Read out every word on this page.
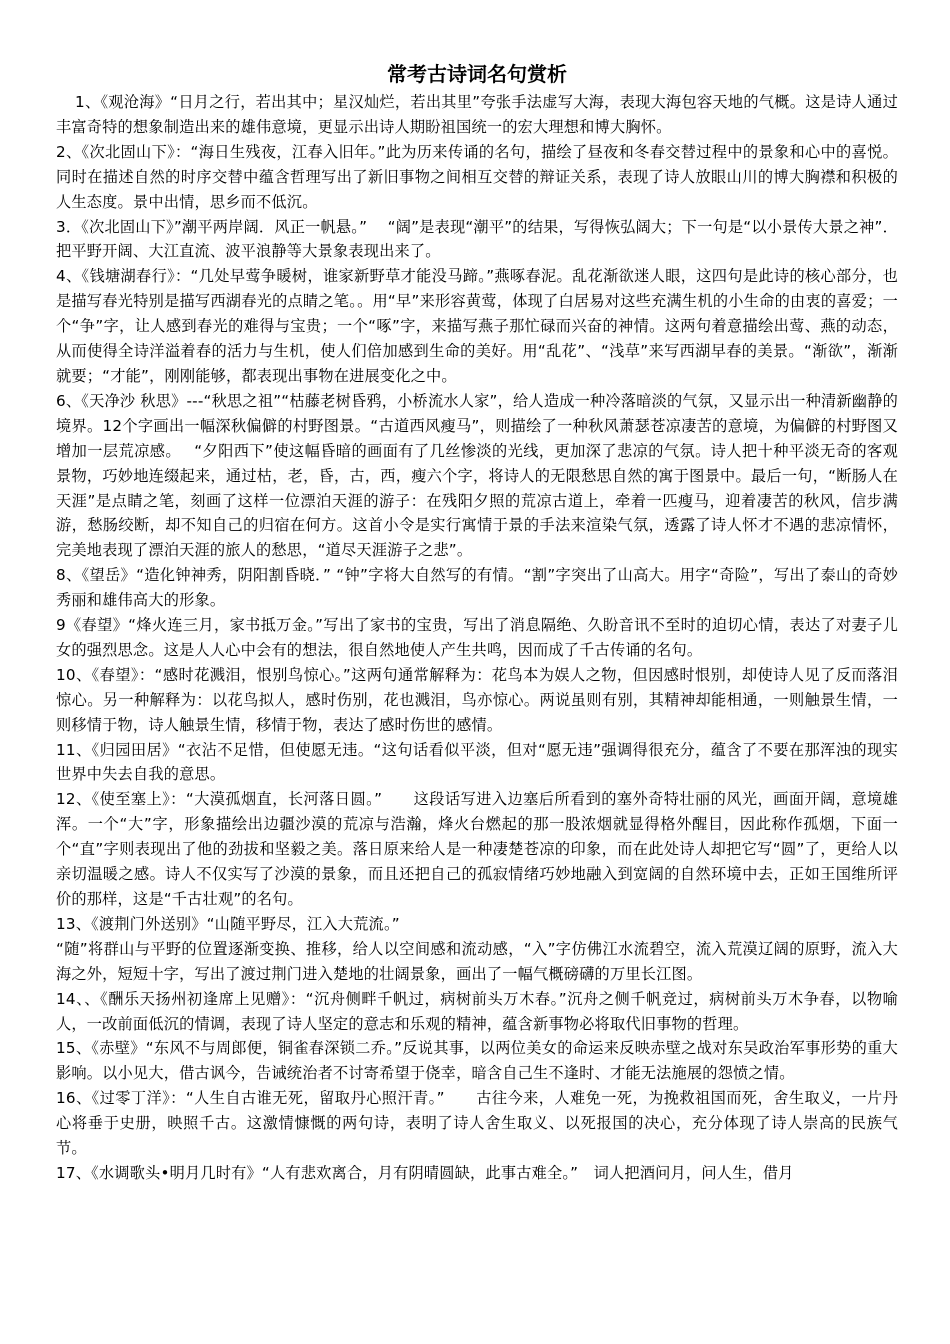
常考古诗词名句赏析

1、《观沧海》“日月之行，若出其中；星汉灿烂，若出其里”夸张手法虚写大海，表现大海包容天地的气概。这是诗人通过丰富奇特的想象制造出来的雄伟意境，更显示出诗人期盼祖国统一的宏大理想和博大胸怀。

2、《次北固山下》：“海日生残夜，江春入旧年。”此为历来传诵的名句，描绘了昼夜和冬春交替过程中的景象和心中的喜悦。同时在描述自然的时序交替中蕴含哲理写出了新旧事物之间相互交替的辩证关系，表现了诗人放眼山川的博大胸襟和积极的人生态度。景中出情，思乡而不低沉。

3．《次北固山下》”潮平两岸阔．风正一帆悬。”　 “阔”是表现“潮平”的结果，写得恢弘阔大；下一句是“以小景传大景之神”．把平野开阔、大江直流、波平浪静等大景象表现出来了。

4、《钱塘湖春行》：“几处早莺争暖树，谁家新野草才能没马蹄。”燕啄春泥。乱花渐欲迷人眼，这四句是此诗的核心部分，也是描写春光特别是描写西湖春光的点睛之笔。。用“早”来形容黄莺，体现了白居易对这些充满生机的小生命的由衷的喜爱；一个“争”字，让人感到春光的难得与宝贵；一个“啄”字，来描写燕子那忙碌而兴奋的神情。这两句着意描绘出莺、燕的动态，从而使得全诗洋溢着春的活力与生机，使人们倍加感到生命的美好。用“乱花”、“浅草”来写西湖早春的美景。“渐欲”，渐渐就要；“才能”，刚刚能够，都表现出事物在进展变化之中。

6、《天净沙 秋思》---“秋思之祖”“枯藤老树昏鸦，小桥流水人家”，给人造成一种冷落暗淡的气氛，又显示出一种清新幽静的境界。12个字画出一幅深秋偏僻的村野图景。“古道西风瘦马”，则描绘了一种秋风萧瑟苍凉凄苦的意境，为偏僻的村野图又增加一层荒凉感。　 “夕阳西下”使这幅昏暗的画面有了几丝惨淡的光线，更加深了悲凉的气氛。诗人把十种平淡无奇的客观景物，巧妙地连缀起来，通过枯，老，昏，古，西，瘦六个字，将诗人的无限愁思自然的寓于图景中。最后一句，“断肠人在天涯”是点睛之笔，刻画了这样一位漂泊天涯的游子：在残阳夕照的荒凉古道上，牵着一匹瘦马，迎着凄苦的秋风，信步满游，愁肠绞断，却不知自己的归宿在何方。这首小令是实行寓情于景的手法来渲染气氛，透露了诗人怀才不遇的悲凉情怀，完美地表现了漂泊天涯的旅人的愁思，“道尽天涯游子之悲”。

8、《望岳》“造化钟神秀，阴阳割昏晓．” “钟”字将大自然写的有情。“割”字突出了山高大。用字“奇险”，写出了泰山的奇妙秀丽和雄伟高大的形象。

9《春望》“烽火连三月，家书抵万金。”写出了家书的宝贵，写出了消息隔绝、久盼音讯不至时的迫切心情，表达了对妻子儿女的强烈思念。这是人人心中会有的想法，很自然地使人产生共鸣，因而成了千古传诵的名句。

10、《春望》：“感时花溅泪，恨别鸟惊心。”这两句通常解释为：花鸟本为娱人之物，但因感时恨别，却使诗人见了反而落泪惊心。另一种解释为：以花鸟拟人，感时伤别，花也溅泪，鸟亦惊心。两说虽则有别，其精神却能相通，一则触景生情，一则移情于物，诗人触景生情，移情于物，表达了感时伤世的感情。

11、《归园田居》“衣沾不足惜，但使愿无违。“这句话看似平淡，但对“愿无违”强调得很充分，蕴含了不要在那浑浊的现实世界中失去自我的意思。

12、《使至塞上》：“大漠孤烟直，长河落日圆。”　　这段话写进入边塞后所看到的塞外奇特壮丽的风光，画面开阔，意境雄浑。一个“大”字，形象描绘出边疆沙漠的荒凉与浩瀚，烽火台燃起的那一股浓烟就显得格外醒目，因此称作孤烟，下面一个“直”字则表现出了他的劲拔和坚毅之美。落日原来给人是一种凄楚苍凉的印象，而在此处诗人却把它写“圆”了，更给人以亲切温暖之感。诗人不仅实写了沙漠的景象，而且还把自己的孤寂情绪巧妙地融入到宽阔的自然环境中去，正如王国维所评价的那样，这是“千古壮观”的名句。

13、《渡荆门外送别》“山随平野尽，江入大荒流。”

“随”将群山与平野的位置逐渐变换、推移，给人以空间感和流动感，“入”字仿佛江水流碧空，流入荒漠辽阔的原野，流入大海之外，短短十字，写出了渡过荆门进入楚地的壮阔景象，画出了一幅气概磅礴的万里长江图。

14、、《酬乐天扬州初逢席上见赠》：“沉舟侧畔千帆过，病树前头万木春。”沉舟之侧千帆竞过，病树前头万木争春，以物喻人，一改前面低沉的情调，表现了诗人坚定的意志和乐观的精神，蕴含新事物必将取代旧事物的哲理。

15、《赤壁》“东风不与周郎便，铜雀春深锁二乔。”反说其事，以两位美女的命运来反映赤壁之战对东吴政治军事形势的重大影响。以小见大，借古讽今，告诫统治者不讨寄希望于侥幸，暗含自己生不逢时、才能无法施展的怨愤之情。

16、《过零丁洋》：“人生自古谁无死，留取丹心照汗青。”　　古往今来，人难免一死，为挽救祖国而死，舍生取义，一片丹心将垂于史册，映照千古。这激情慷慨的两句诗，表明了诗人舍生取义、以死报国的决心，充分体现了诗人崇高的民族气节。

17、《水调歌头•明月几时有》“人有悲欢离合，月有阴晴圆缺，此事古难全。”　词人把酒问月，问人生，借月
